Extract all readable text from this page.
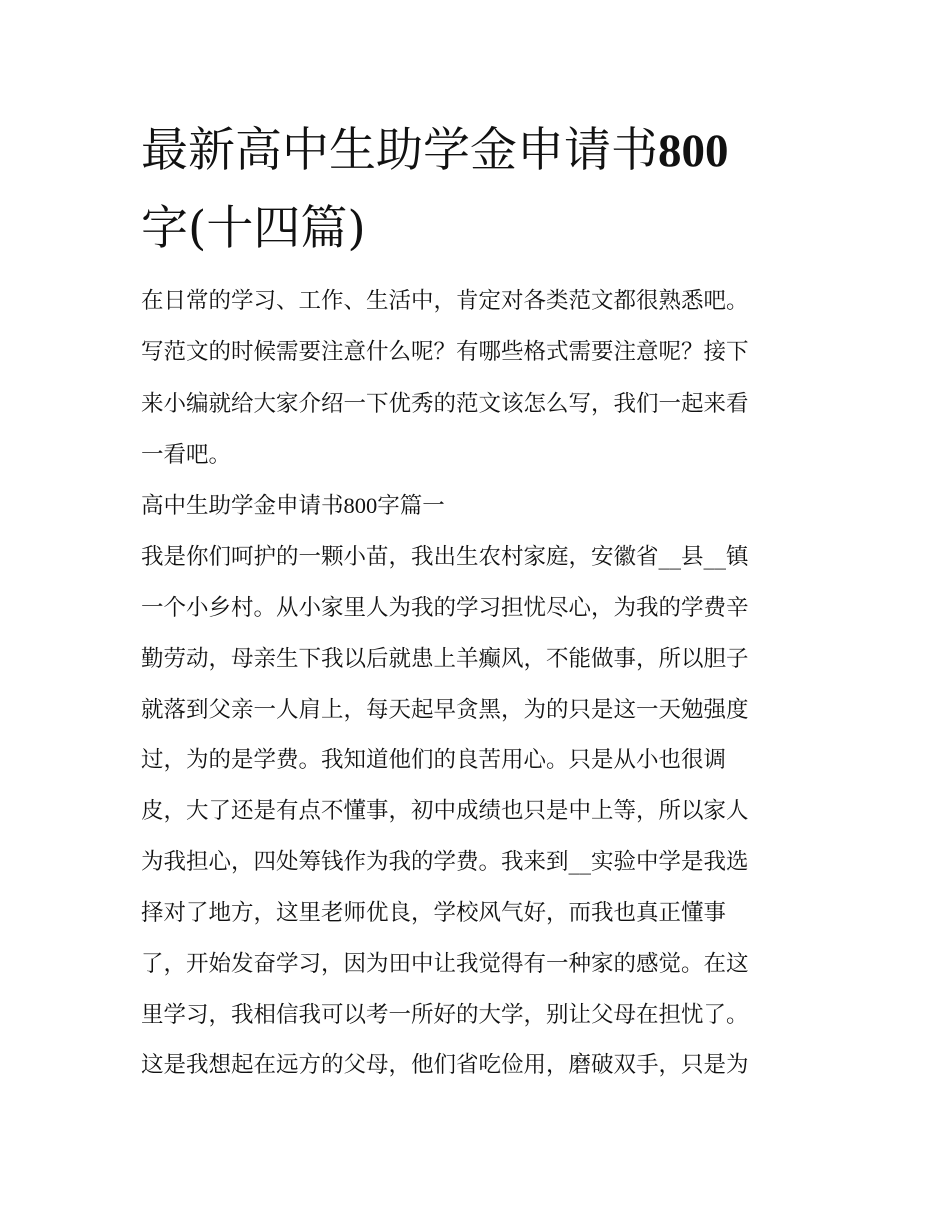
最新高中生助学金申请书800
字(十四篇)

在日常的学习、工作、生活中，肯定对各类范文都很熟悉吧。

写范文的时候需要注意什么呢？有哪些格式需要注意呢？接下

来小编就给大家介绍一下优秀的范文该怎么写，我们一起来看

一看吧。

高中生助学金申请书800字篇一

我是你们呵护的一颗小苗，我出生农村家庭，安徽省__县__镇

一个小乡村。从小家里人为我的学习担忧尽心，为我的学费辛

勤劳动，母亲生下我以后就患上羊癫风，不能做事，所以胆子

就落到父亲一人肩上，每天起早贪黑，为的只是这一天勉强度

过，为的是学费。我知道他们的良苦用心。只是从小也很调

皮，大了还是有点不懂事，初中成绩也只是中上等，所以家人

为我担心，四处筹钱作为我的学费。我来到__实验中学是我选

择对了地方，这里老师优良，学校风气好，而我也真正懂事

了，开始发奋学习，因为田中让我觉得有一种家的感觉。在这

里学习，我相信我可以考一所好的大学，别让父母在担忧了。

这是我想起在远方的父母，他们省吃俭用，磨破双手，只是为
